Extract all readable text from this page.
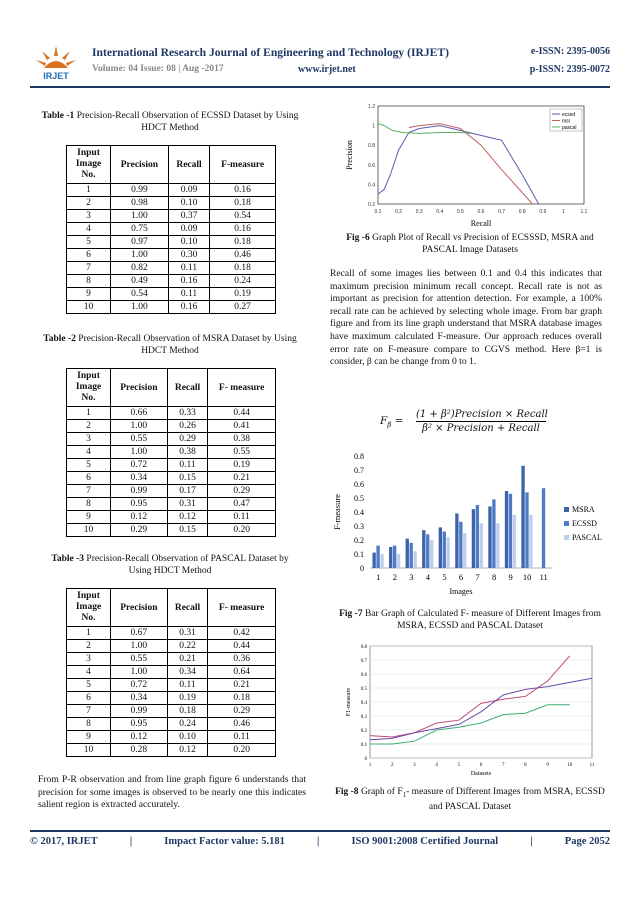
IRJET
International Research Journal of Engineering and Technology (IRJET)	e-ISSN: 2395-0056
Volume: 04 Issue: 08 | Aug -2017	www.irjet.net	p-ISSN: 2395-0072
Table -1 Precision-Recall Observation of ECSSD Dataset by Using HDCT Method
Input Image No.	Precision	Recall	F-measure
1	0.99	0.09	0.16
2	0.98	0.10	0.18
3	1.00	0.37	0.54
4	0.75	0.09	0.16
5	0.97	0.10	0.18
6	1.00	0.30	0.46
7	0.82	0.11	0.18
8	0.49	0.16	0.24
9	0.54	0.11	0.19
10	1.00	0.16	0.27
Table -2 Precision-Recall Observation of MSRA Dataset by Using HDCT Method
Input Image No.	Precision	Recall	F- measure
1	0.66	0.33	0.44
2	1.00	0.26	0.41
3	0.55	0.29	0.38
4	1.00	0.38	0.55
5	0.72	0.11	0.19
6	0.34	0.15	0.21
7	0.99	0.17	0.29
8	0.95	0.31	0.47
9	0.12	0.12	0.11
10	0.29	0.15	0.20
Table -3 Precision-Recall Observation of PASCAL Dataset by Using HDCT Method
Input Image No.	Precision	Recall	F- measure
1	0.67	0.31	0.42
2	1.00	0.22	0.44
3	0.55	0.21	0.36
4	1.00	0.34	0.64
5	0.72	0.11	0.21
6	0.34	0.19	0.18
7	0.99	0.18	0.29
8	0.95	0.24	0.46
9	0.12	0.10	0.11
10	0.28	0.12	0.20
From P-R observation and from line graph figure 6 understands that precision for some images is observed to be nearly one this indicates salient region is extracted accurately.
0.1	0.2	0.3	0.4	0.5	0.6	0.7	0.8	0.9	1	1.1
0.2
0.4
0.6
0.8
1
1.2
Recall
Precision
ecssd
msr
pascal
Fig -6 Graph Plot of Recall vs Precision of ECSSSD, MSRA and PASCAL Image Datasets
Recall of some images lies between 0.1 and 0.4 this indicates that maximum precision minimum recall concept. Recall rate is not as important as precision for attention detection. For example, a 100% recall rate can be achieved by selecting whole image. From bar graph figure and from its line graph understand that MSRA database images have maximum calculated F-measure. Our approach reduces overall error rate on F-measure compare to CGVS method. Here β=1 is consider, β can be change from 0 to 1.
$F_\beta$ =
(1 + β²)Precision × Recall
β² × Precision + Recall
0
0.1
0.2
0.3
0.4
0.5
0.6
0.7
0.8
1 2 3 4 5 6 7 8 9 10 11
Images
F-measure	MSRA
ECSSD
PASCAL
Fig -7 Bar Graph of Calculated F- measure of Different Images from MSRA, ECSSD and PASCAL Dataset
0
0.1
0.2
0.3
0.4
0.5
0.6
0.7
0.8
1	2	3	4	5	6	7	8	9	10	11
Datasets
F1-measure
Fig -8 Graph of $F_1-$ measure of Different Images from MSRA, ECSSD and PASCAL Dataset
© 2017, IRJET	|	Impact Factor value: 5.181	|	ISO 9001:2008 Certified Journal	|	Page 2052
